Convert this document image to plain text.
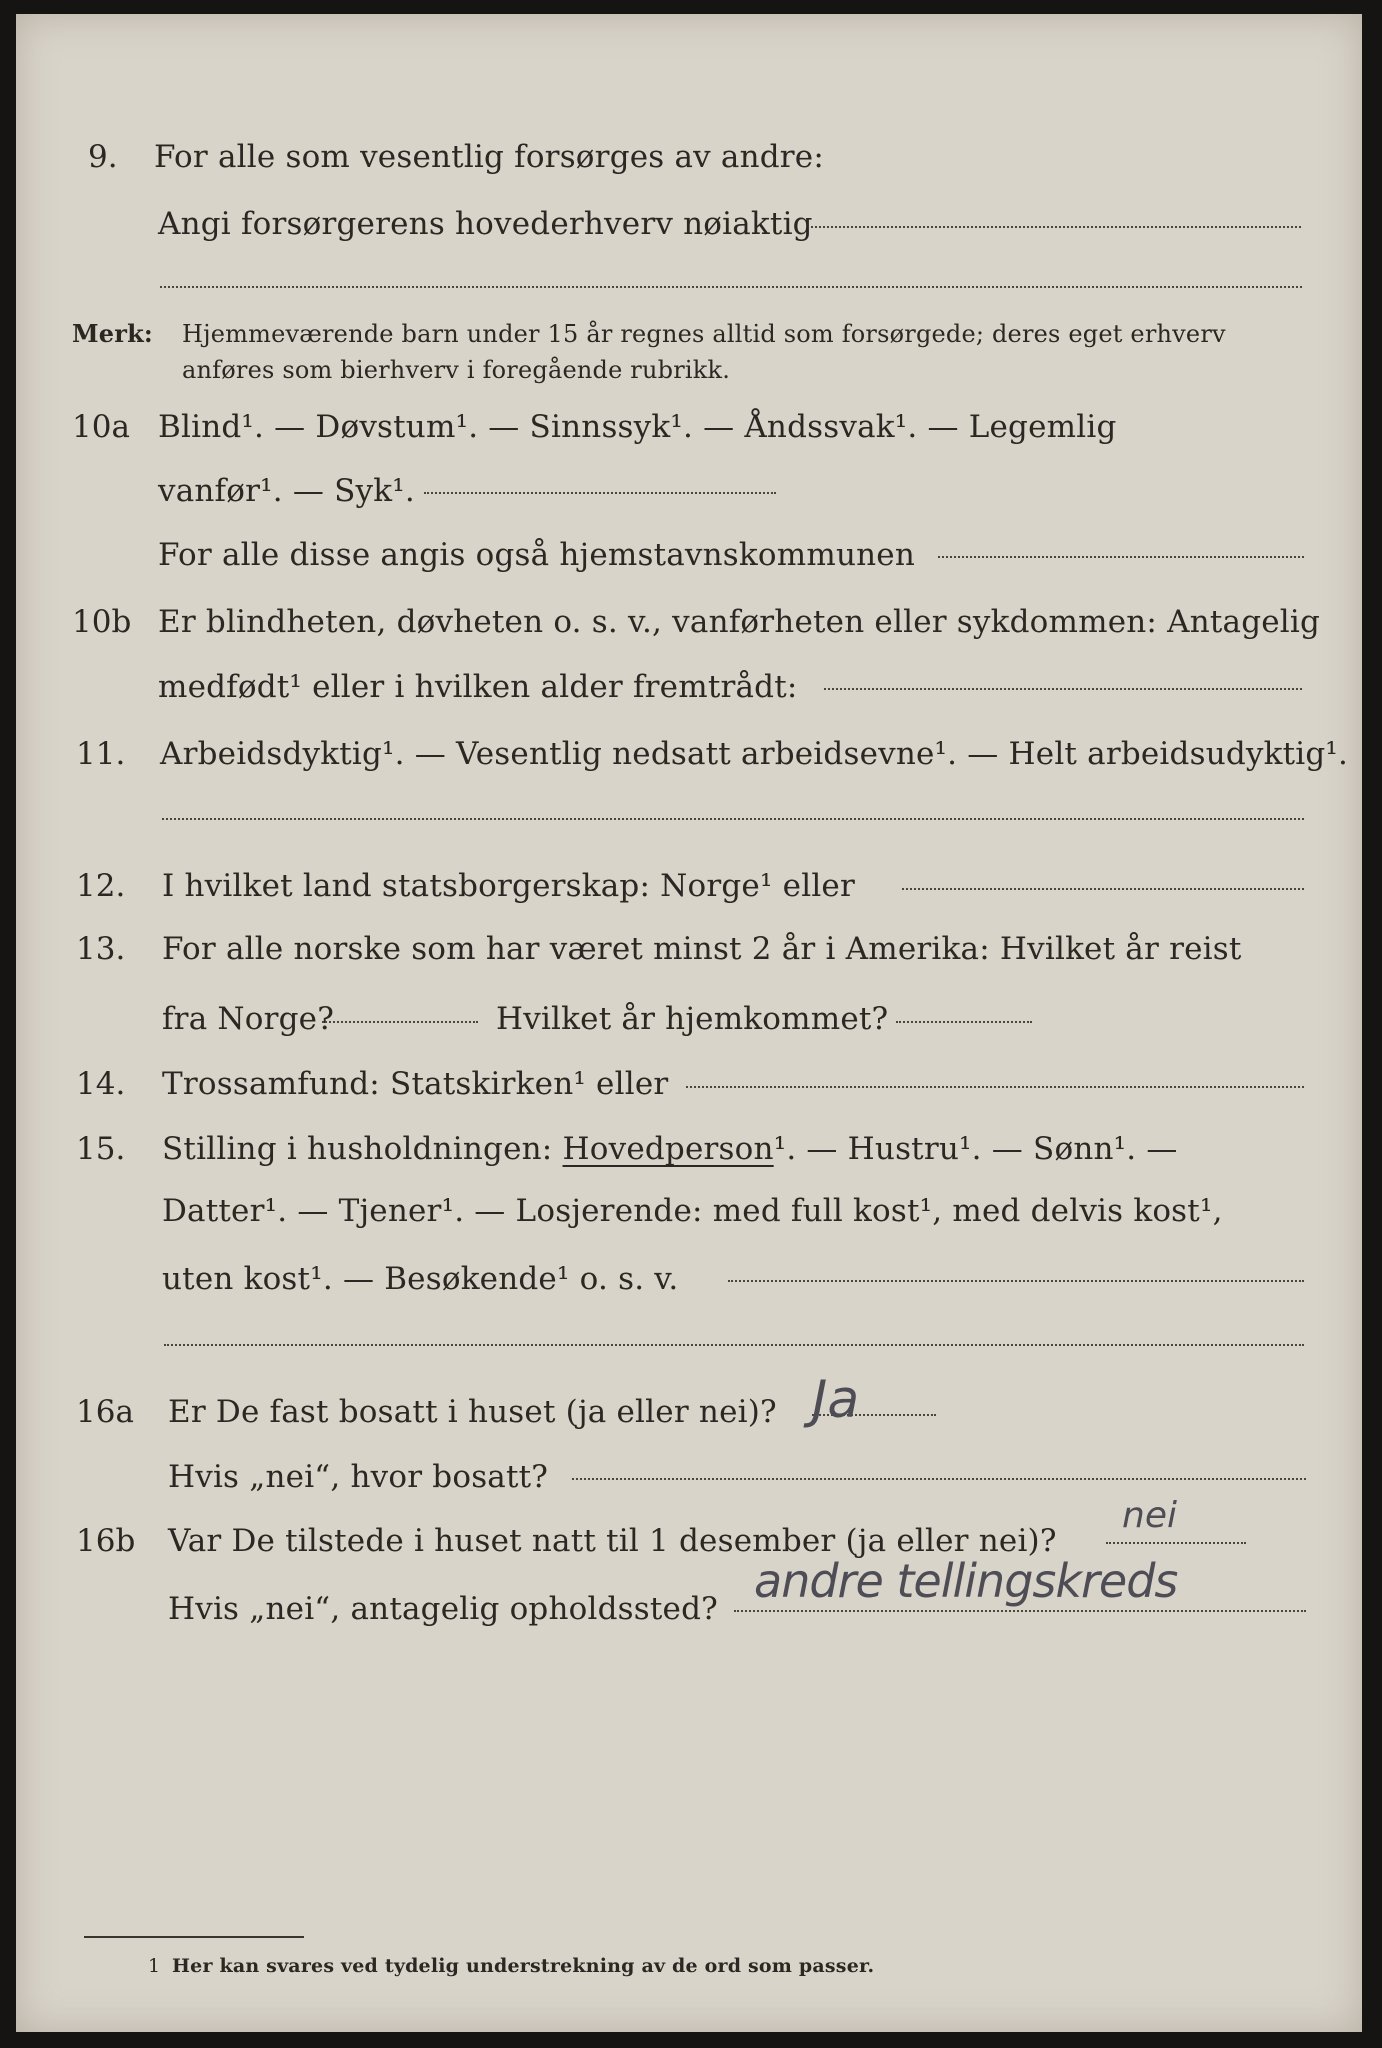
9. For alle som vesentlig forsørges av andre:
Angi forsørgerens hovederhverv nøiaktig
Merk: Hjemmeværende barn under 15 år regnes alltid som forsørgede; deres eget erhverv
anføres som bierhverv i foregående rubrikk.
10a Blind¹. — Døvstum¹. — Sinnssyk¹. — Åndssvak¹. — Legemlig
vanfør¹. — Syk¹.
For alle disse angis også hjemstavnskommunen
10b Er blindheten, døvheten o. s. v., vanførheten eller sykdommen: Antagelig
medfødt¹ eller i hvilken alder fremtrådt:
11. Arbeidsdyktig¹. — Vesentlig nedsatt arbeidsevne¹. — Helt arbeidsudyktig¹.
12. I hvilket land statsborgerskap: Norge¹ eller
13. For alle norske som har været minst 2 år i Amerika: Hvilket år reist
fra Norge?	Hvilket år hjemkommet?
14. Trossamfund: Statskirken¹ eller
15. Stilling i husholdningen: Hovedperson¹. — Hustru¹. — Sønn¹. —
Datter¹. — Tjener¹. — Losjerende: med full kost¹, med delvis kost¹,
uten kost¹. — Besøkende¹ o. s. v.
16a Er De fast bosatt i huset (ja eller nei)? Ja
Hvis „nei“, hvor bosatt?
16b Var De tilstede i huset natt til 1 desember (ja eller nei)?
nei
Hvis „nei“, antagelig opholdssted?
andre tellingskreds
1 Her kan svares ved tydelig understrekning av de ord som passer.
